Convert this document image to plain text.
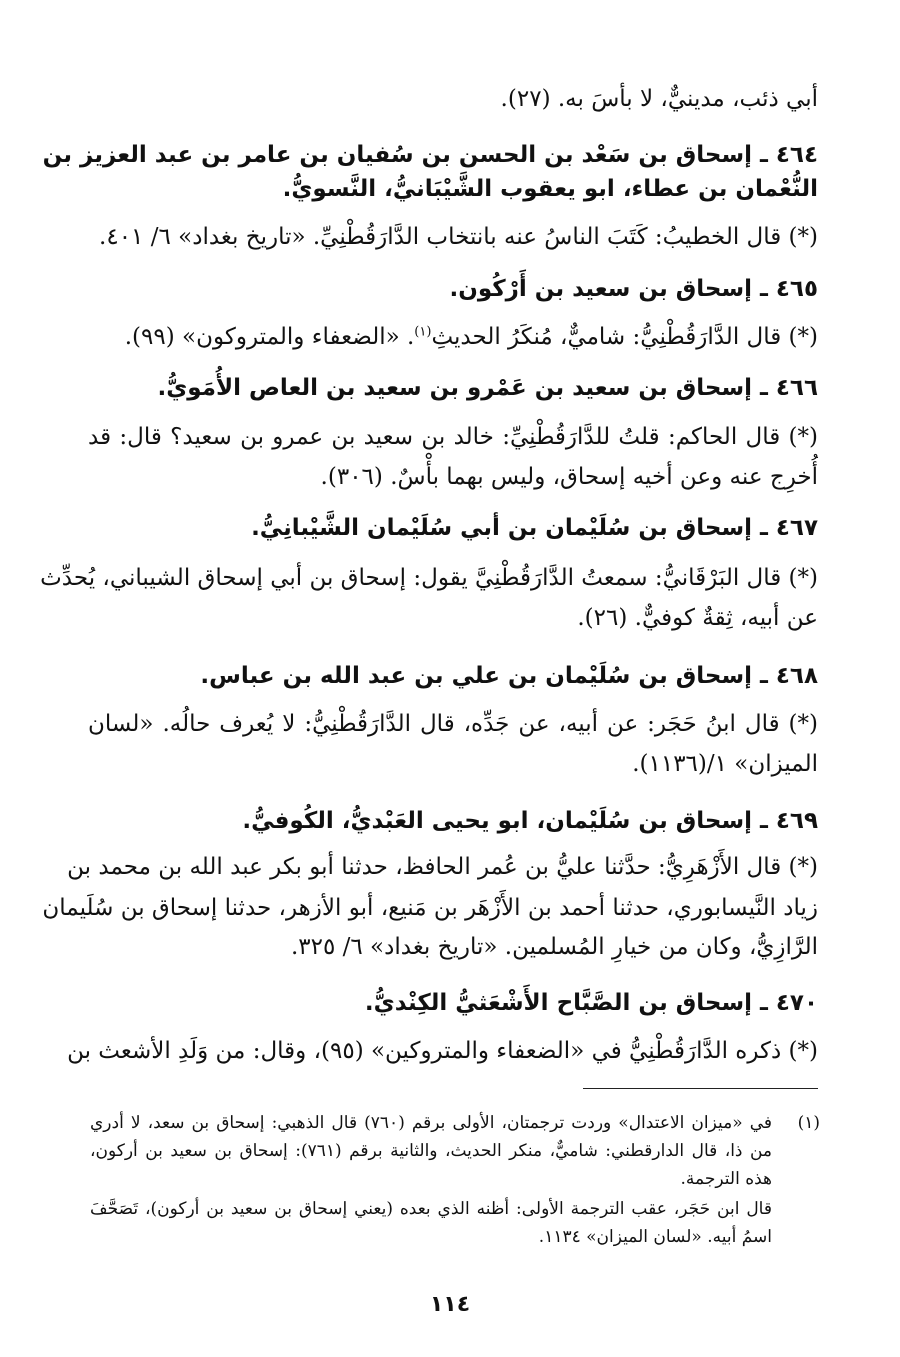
أبي ذئب، مدينيٌّ، لا بأسَ به. (٢٧).
٤٦٤ ـ إسحاق بن سَعْد بن الحسن بن سُفيان بن عامر بن عبد العزيز بن
النُّعْمان بن عطاء، ابو يعقوب الشَّيْبَانيُّ، النَّسويُّ.
(*) قال الخطيبُ: كَتَبَ الناسُ عنه بانتخاب الدَّارَقُطْنِيِّ. «تاريخ بغداد» ٦/ ٤٠١.
٤٦٥ ـ إسحاق بن سعيد بن أَرْكُون.
(*) قال الدَّارَقُطْنِيُّ: شاميٌّ، مُنكَرُ الحديثِ$^{(١)}$. «الضعفاء والمتروكون» (٩٩).
٤٦٦ ـ إسحاق بن سعيد بن عَمْرو بن سعيد بن العاص الأُمَويُّ.
(*) قال الحاكم: قلتُ للدَّارَقُطْنِيِّ: خالد بن سعيد بن عمرو بن سعيد؟ قال: قد
أُخرِج عنه وعن أخيه إسحاق، وليس بهما بأْسٌ. (٣٠٦).
٤٦٧ ـ إسحاق بن سُلَيْمان بن أبي سُلَيْمان الشَّيْبانِيُّ.
(*) قال البَرْقَانيُّ: سمعتُ الدَّارَقُطْنِيَّ يقول: إسحاق بن أبي إسحاق الشيباني، يُحدِّث
عن أبيه، ثِقةٌ كوفيٌّ. (٢٦).
٤٦٨ ـ إسحاق بن سُلَيْمان بن علي بن عبد الله بن عباس.
(*) قال ابنُ حَجَر: عن أبيه، عن جَدِّه، قال الدَّارَقُطْنِيُّ: لا يُعرف حالُه. «لسان
الميزان» ١/(١١٣٦).
٤٦٩ ـ إسحاق بن سُلَيْمان، ابو يحيى العَبْديُّ، الكُوفيُّ.
(*) قال الأَزْهَرِيُّ: حدَّثنا عليُّ بن عُمر الحافظ، حدثنا أبو بكر عبد الله بن محمد بن
زياد النَّيسابوري، حدثنا أحمد بن الأَزْهَر بن مَنيع، أبو الأزهر، حدثنا إسحاق بن سُلَيمان
الرَّازِيُّ، وكان من خيارِ المُسلمين. «تاريخ بغداد» ٦/ ٣٢٥.
٤٧٠ ـ إسحاق بن الصَّبَّاح الأَشْعَثيُّ الكِنْديُّ.
(*) ذكره الدَّارَقُطْنِيُّ في «الضعفاء والمتروكين» (٩٥)، وقال: من وَلَدِ الأشعث بن
(١)
في «ميزان الاعتدال» وردت ترجمتان، الأولى برقم (٧٦٠) قال الذهبي: إسحاق بن سعد، لا أدري
من ذا، قال الدارقطني: شاميٌّ، منكر الحديث، والثانية برقم (٧٦١): إسحاق بن سعيد بن أركون،
هذه الترجمة.
قال ابن حَجَر، عقب الترجمة الأولى: أظنه الذي بعده (يعني إسحاق بن سعيد بن أركون)، تَصَحَّفَ
اسمُ أبيه. «لسان الميزان» ١١٣٤.
١١٤
